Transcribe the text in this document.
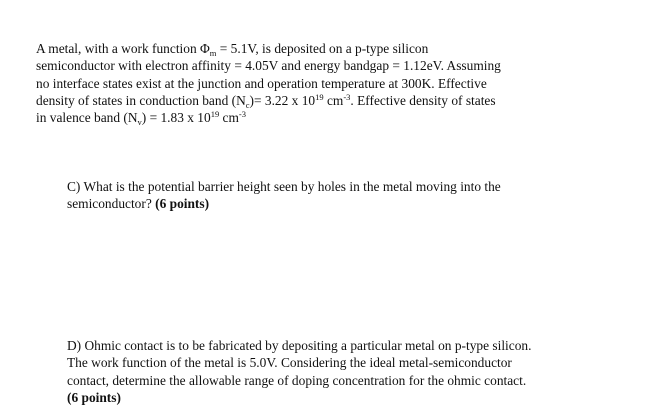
A metal, with a work function $\Phi_m = 5.1V$, is deposited on a p-type silicon
semiconductor with electron affinity = 4.05V and energy bandgap = 1.12eV. Assuming
no interface states exist at the junction and operation temperature at 300K. Effective
density of states in conduction band $(N_c)= 3.22$ x $10^{19}$ $cm^{-3}$. Effective density of states
in valence band $(N_v) = 1.83$ x $10^{19}$ $cm^{-3}$
C) What is the potential barrier height seen by holes in the metal moving into the
semiconductor? (6 points)
D) Ohmic contact is to be fabricated by depositing a particular metal on p-type silicon.
The work function of the metal is 5.0V. Considering the ideal metal-semiconductor
contact, determine the allowable range of doping concentration for the ohmic contact.
(6 points)
